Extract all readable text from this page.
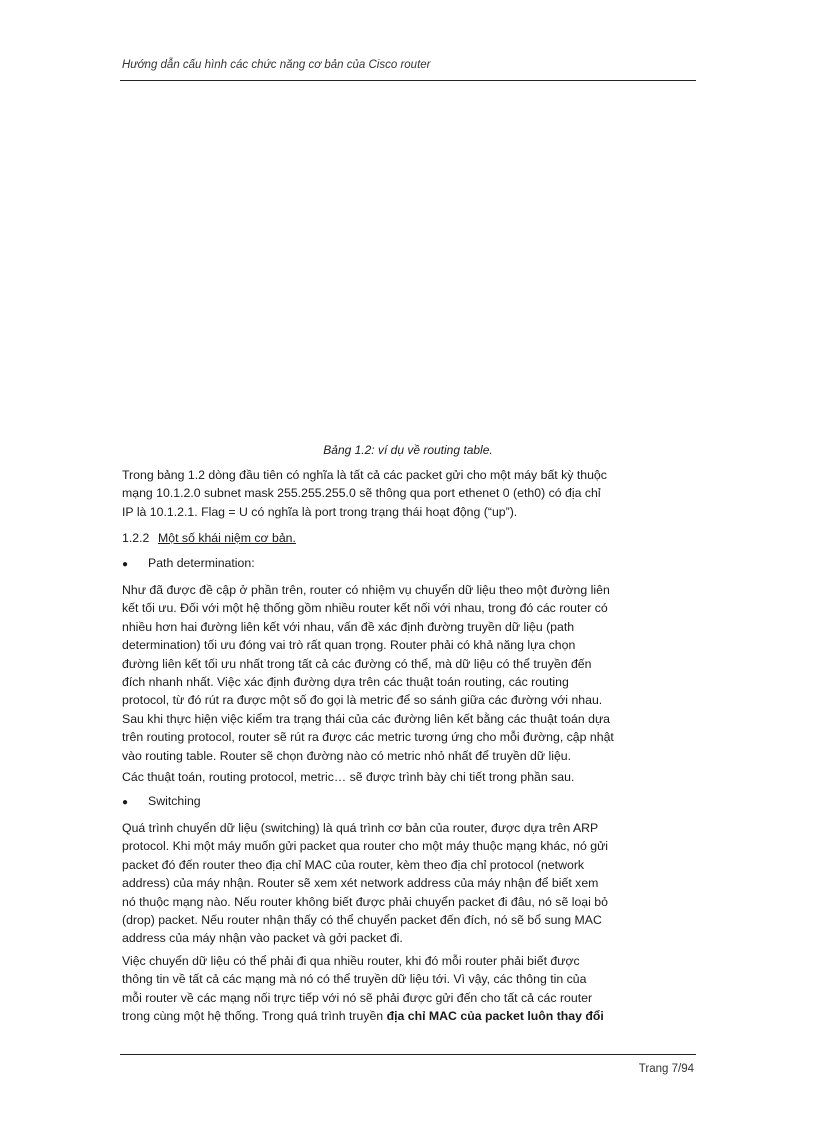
Hướng dẫn cấu hình các chức năng cơ bản của Cisco router
Bảng 1.2: ví dụ về routing table.

Trong bảng 1.2 dòng đầu tiên có nghĩa là tất cả các packet gửi cho một máy bất kỳ thuộc
mạng 10.1.2.0 subnet mask 255.255.255.0 sẽ thông qua port ethenet 0 (eth0) có địa chỉ
IP là 10.1.2.1. Flag = U có nghĩa là port trong trạng thái hoạt động (“up”).

1.2.2 Một số khái niệm cơ bản.
● Path determination:

Như đã được đề cập ở phần trên, router có nhiệm vụ chuyển dữ liệu theo một đường liên
kết tối ưu. Đối với một hệ thống gồm nhiều router kết nối với nhau, trong đó các router có
nhiều hơn hai đường liên kết với nhau, vấn đề xác định đường truyền dữ liệu (path
determination) tối ưu đóng vai trò rất quan trọng. Router phải có khả năng lựa chọn
đường liên kết tối ưu nhất trong tất cả các đường có thể, mà dữ liệu có thể truyền đến
đích nhanh nhất. Việc xác định đường dựa trên các thuật toán routing, các routing
protocol, từ đó rút ra được một số đo gọi là metric để so sánh giữa các đường với nhau.
Sau khi thực hiện việc kiểm tra trạng thái của các đường liên kết bằng các thuật toán dựa
trên routing protocol, router sẽ rút ra được các metric tương ứng cho mỗi đường, cập nhật
vào routing table. Router sẽ chọn đường nào có metric nhỏ nhất để truyền dữ liệu.

Các thuật toán, routing protocol, metric… sẽ được trình bày chi tiết trong phần sau.

● Switching

Quá trình chuyển dữ liệu (switching) là quá trình cơ bản của router, được dựa trên ARP
protocol. Khi một máy muốn gửi packet qua router cho một máy thuộc mạng khác, nó gửi
packet đó đến router theo địa chỉ MAC của router, kèm theo địa chỉ protocol (network
address) của máy nhận. Router sẽ xem xét network address của máy nhận để biết xem
nó thuộc mạng nào. Nếu router không biết được phải chuyển packet đi đâu, nó sẽ loại bỏ
(drop) packet. Nếu router nhận thấy có thể chuyển packet đến đích, nó sẽ bổ sung MAC
address của máy nhận vào packet và gởi packet đi.

Việc chuyển dữ liệu có thể phải đi qua nhiều router, khi đó mỗi router phải biết được
thông tin về tất cả các mạng mà nó có thể truyền dữ liệu tới. Vì vậy, các thông tin của
mỗi router về các mạng nối trực tiếp với nó sẽ phải được gửi đến cho tất cả các router
trong cùng một hệ thống. Trong quá trình truyền địa chỉ MAC của packet luôn thay đổi

Trang 7/94
